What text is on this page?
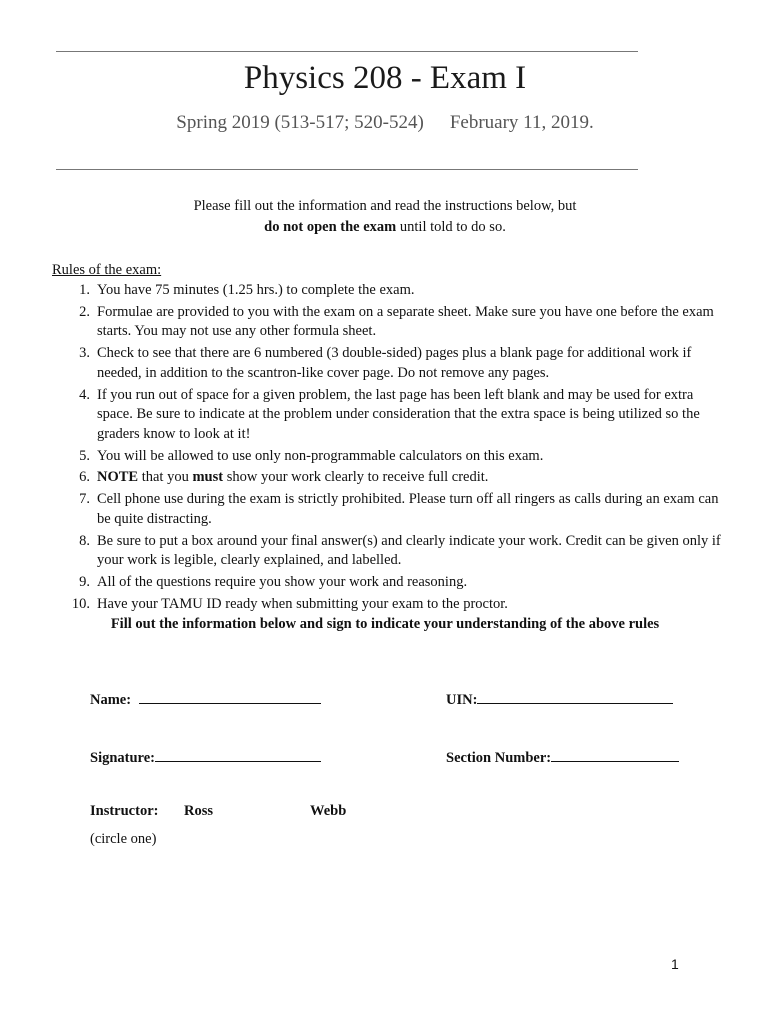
Physics 208 - Exam I
Spring 2019 (513-517; 520-524) February 11, 2019.
Please fill out the information and read the instructions below, but
do not open the exam until told to do so.
Rules of the exam:
1. You have 75 minutes (1.25 hrs.) to complete the exam.
2. Formulae are provided to you with the exam on a separate sheet. Make sure you have one before the exam starts. You may not use any other formula sheet.
3. Check to see that there are 6 numbered (3 double-sided) pages plus a blank page for additional work if needed, in addition to the scantron-like cover page. Do not remove any pages.
4. If you run out of space for a given problem, the last page has been left blank and may be used for extra space. Be sure to indicate at the problem under consideration that the extra space is being utilized so the graders know to look at it!
5. You will be allowed to use only non-programmable calculators on this exam.
6. NOTE that you must show your work clearly to receive full credit.
7. Cell phone use during the exam is strictly prohibited. Please turn off all ringers as calls during an exam can be quite distracting.
8. Be sure to put a box around your final answer(s) and clearly indicate your work. Credit can be given only if your work is legible, clearly explained, and labelled.
9. All of the questions require you show your work and reasoning.
10. Have your TAMU ID ready when submitting your exam to the proctor.
Fill out the information below and sign to indicate your understanding of the above rules
Name:	UIN:
Signature:	Section Number:
Instructor: Ross	Webb
(circle one)
1
